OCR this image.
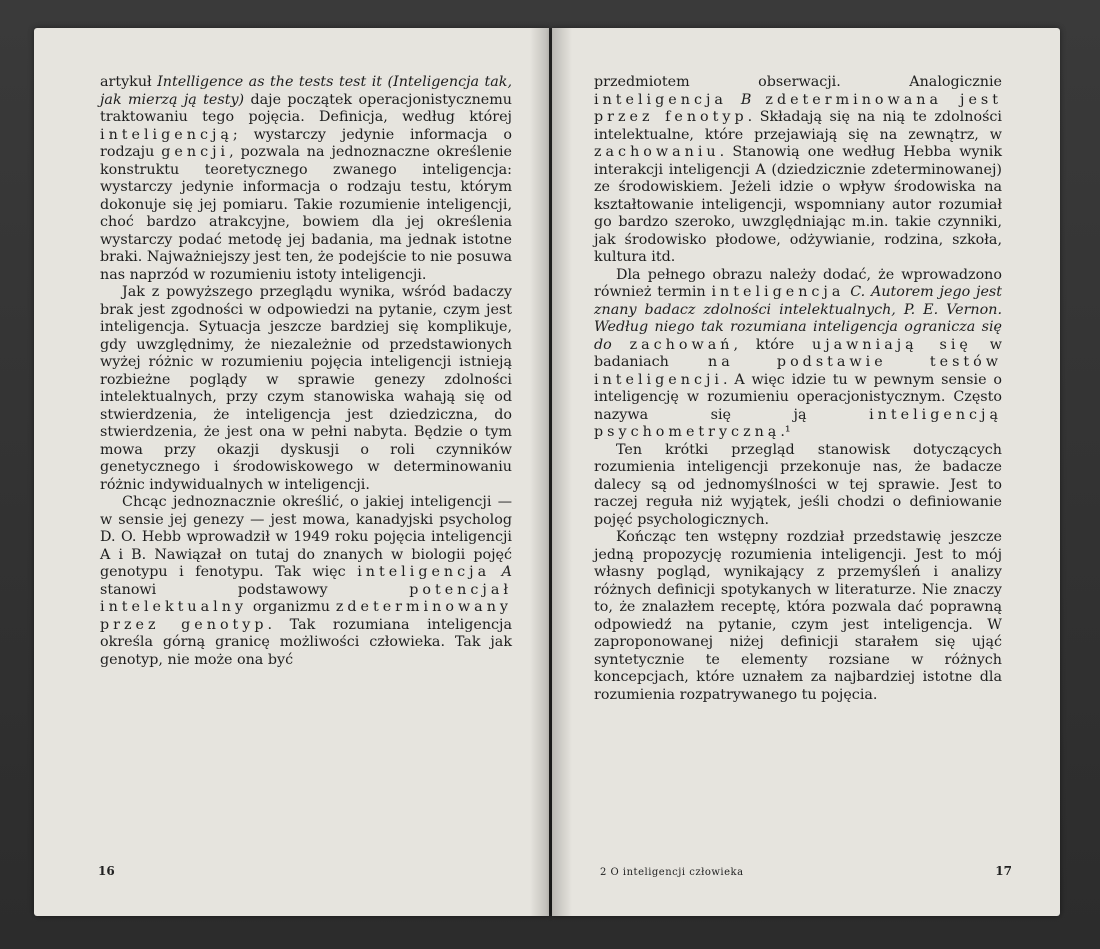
artykuł Intelligence as the tests test it (Inteligencja tak, jak mierzą ją testy) daje początek operacjonistycznemu traktowaniu tego pojęcia. Definicja, według której inteligencją; wystarczy jedynie informacja o rodzaju gencji, pozwala na jednoznaczne określenie konstruktu teoretycznego zwanego inteligencja: wystarczy jedynie informacja o rodzaju testu, którym dokonuje się jej pomiaru. Takie rozumienie inteligencji, choć bardzo atrakcyjne, bowiem dla jej określenia wystarczy podać metodę jej badania, ma jednak istotne braki. Najważniejszy jest ten, że podejście to nie posuwa nas naprzód w rozumieniu istoty inteligencji.

Jak z powyższego przeglądu wynika, wśród badaczy brak jest zgodności w odpowiedzi na pytanie, czym jest inteligencja. Sytuacja jeszcze bardziej się komplikuje, gdy uwzględnimy, że niezależnie od przedstawionych wyżej różnic w rozumieniu pojęcia inteligencji istnieją rozbieżne poglądy w sprawie genezy zdolności intelektualnych, przy czym stanowiska wahają się od stwierdzenia, że inteligencja jest dziedziczna, do stwierdzenia, że jest ona w pełni nabyta. Będzie o tym mowa przy okazji dyskusji o roli czynników genetycznego i środowiskowego w determinowaniu różnic indywidualnych w inteligencji.

Chcąc jednoznacznie określić, o jakiej inteligencji — w sensie jej genezy — jest mowa, kanadyjski psycholog D. O. Hebb wprowadził w 1949 roku pojęcia inteligencji A i B. Nawiązał on tutaj do znanych w biologii pojęć genotypu i fenotypu. Tak więc inteligencja A stanowi podstawowy potencjał intelektualny organizmu zdeterminowany przez genotyp. Tak rozumiana inteligencja określa górną granicę możliwości człowieka. Tak jak genotyp, nie może ona być

16

przedmiotem obserwacji. Analogicznie inteligencja B zdeterminowana jest przez fenotyp. Składają się na nią te zdolności intelektualne, które przejawiają się na zewnątrz, w zachowaniu. Stanowią one według Hebba wynik interakcji inteligencji A (dziedzicznie zdeterminowanej) ze środowiskiem. Jeżeli idzie o wpływ środowiska na kształtowanie inteligencji, wspomniany autor rozumiał go bardzo szeroko, uwzględniając m.in. takie czynniki, jak środowisko płodowe, odżywianie, rodzina, szkoła, kultura itd.

Dla pełnego obrazu należy dodać, że wprowadzono również termin inteligencja C. Autorem jego jest znany badacz zdolności intelektualnych, P. E. Vernon. Według niego tak rozumiana inteligencja ogranicza się do zachowań, które ujawniają się w badaniach na podstawie testów inteligencji. A więc idzie tu w pewnym sensie o inteligencję w rozumieniu operacjonistycznym. Często nazywa się ją inteligencją psychometryczną.¹

Ten krótki przegląd stanowisk dotyczących rozumienia inteligencji przekonuje nas, że badacze dalecy są od jednomyślności w tej sprawie. Jest to raczej reguła niż wyjątek, jeśli chodzi o definiowanie pojęć psychologicznych.

Kończąc ten wstępny rozdział przedstawię jeszcze jedną propozycję rozumienia inteligencji. Jest to mój własny pogląd, wynikający z przemyśleń i analizy różnych definicji spotykanych w literaturze. Nie znaczy to, że znalazłem receptę, która pozwala dać poprawną odpowiedź na pytanie, czym jest inteligencja. W zaproponowanej niżej definicji starałem się ująć syntetycznie te elementy rozsiane w różnych koncepcjach, które uznałem za najbardziej istotne dla rozumienia rozpatrywanego tu pojęcia.

2 O inteligencji człowieka	17
